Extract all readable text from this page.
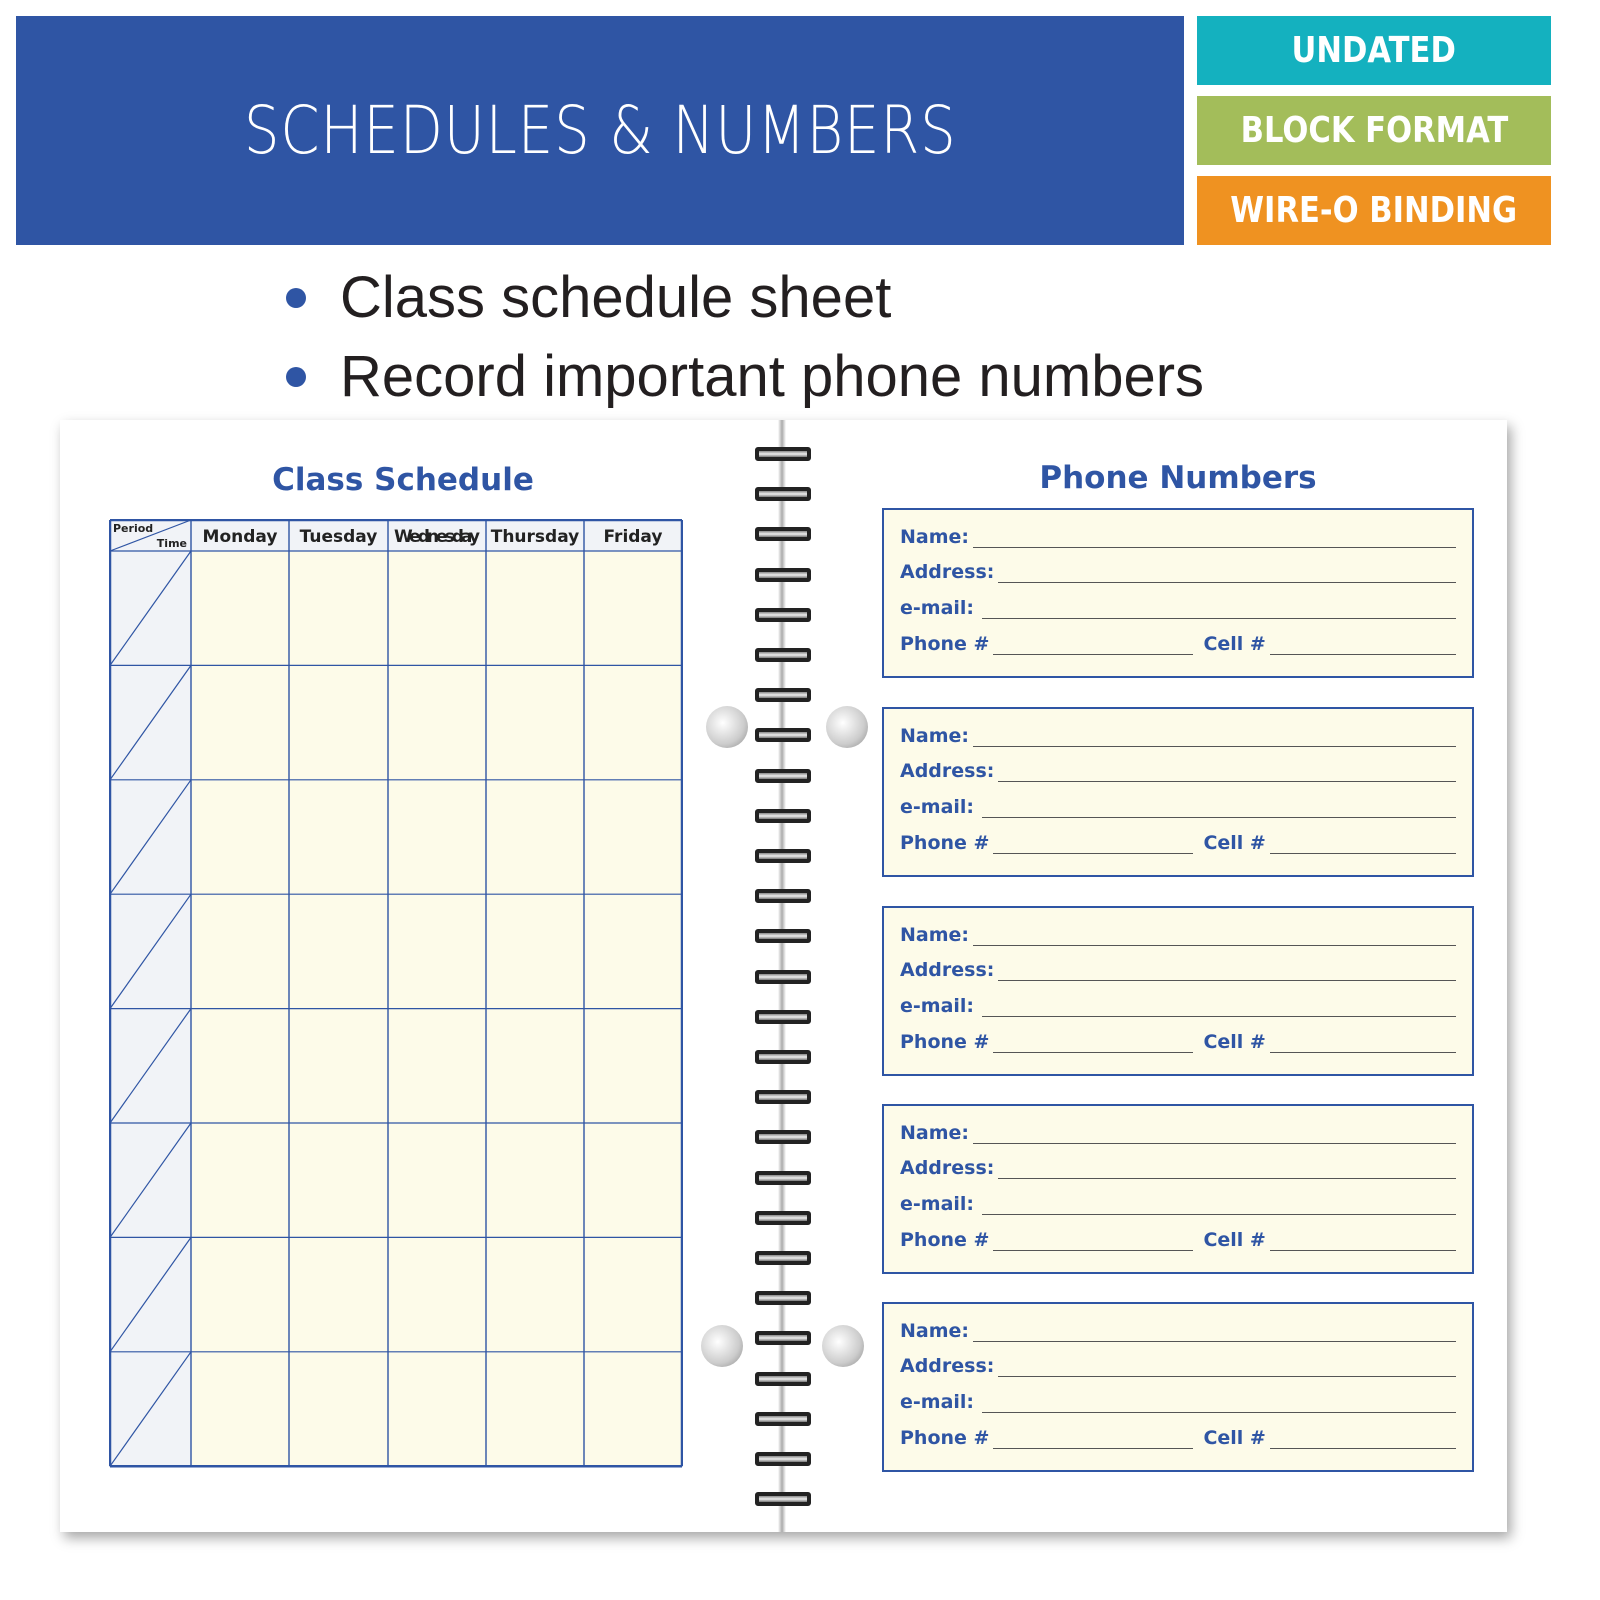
SCHEDULES & NUMBERS
UNDATED
BLOCK FORMAT
WIRE-O BINDING
Class schedule sheet
Record important phone numbers
Class Schedule
Period
Time Monday Tuesday Wednesday Thursday Friday
Phone Numbers
Name:
Address:
e-mail:
Phone #	Cell #
Name:
Address:
e-mail:
Phone #	Cell #
Name:
Address:
e-mail:
Phone #	Cell #
Name:
Address:
e-mail:
Phone #	Cell #
Name:
Address:
e-mail:
Phone #	Cell #
